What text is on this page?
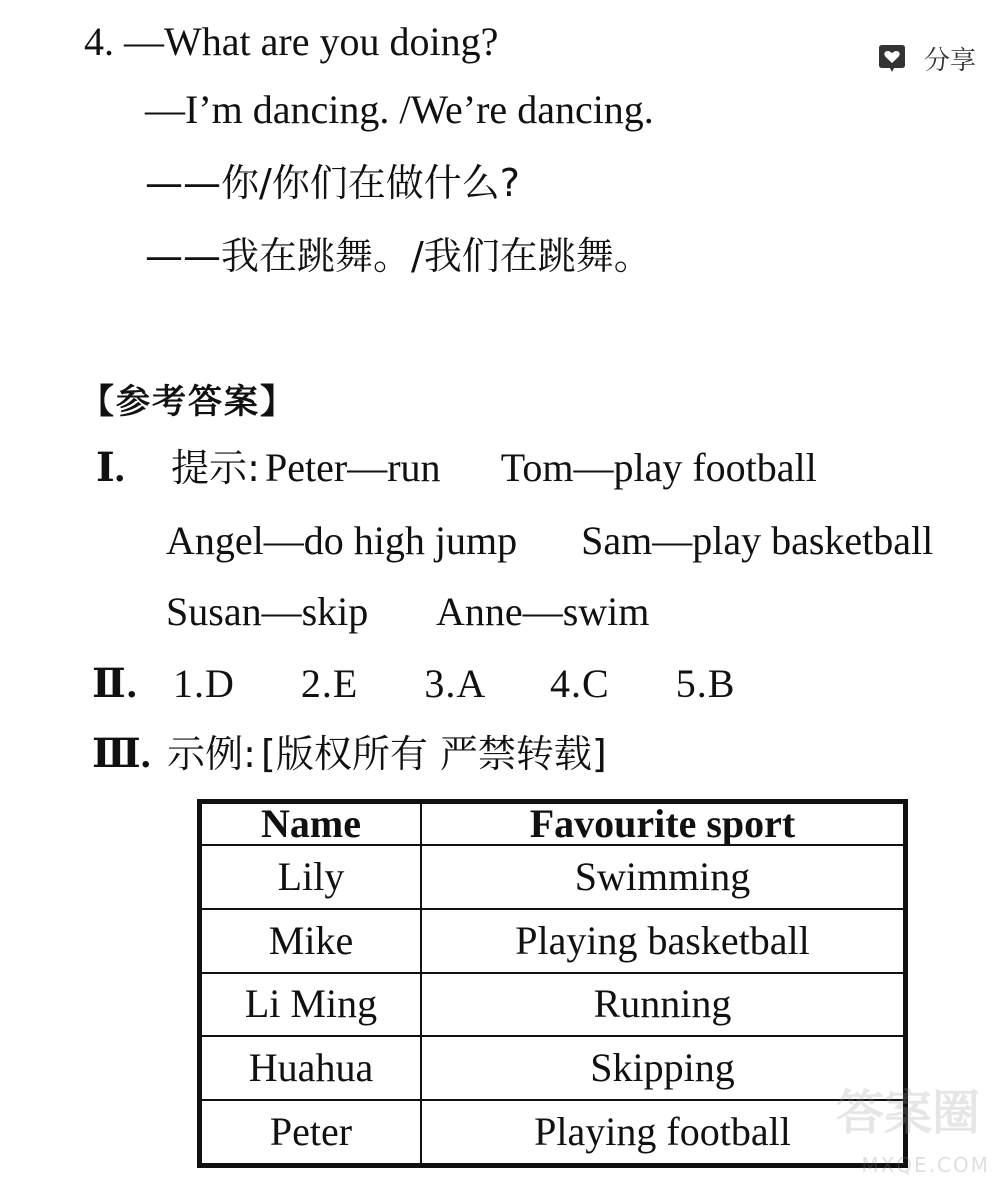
分享
4. —What are you doing?
—I’m dancing. /We’re dancing.
——你/你们在做什么?
——我在跳舞。/我们在跳舞。
【参考答案】
Ⅰ. 提示: Peter—run Tom—play football
Angel—do high jump Sam—play basketball
Susan—skip Anne—swim
Ⅱ. 1.D 2.E 3.A 4.C 5.B
Ⅲ. 示例: [版权所有 严禁转载]
Name	Favourite sport
Lily	Swimming
Mike	Playing basketball
Li Ming	Running
Huahua	Skipping
Peter	Playing football 答案圈
MXQE.COM
